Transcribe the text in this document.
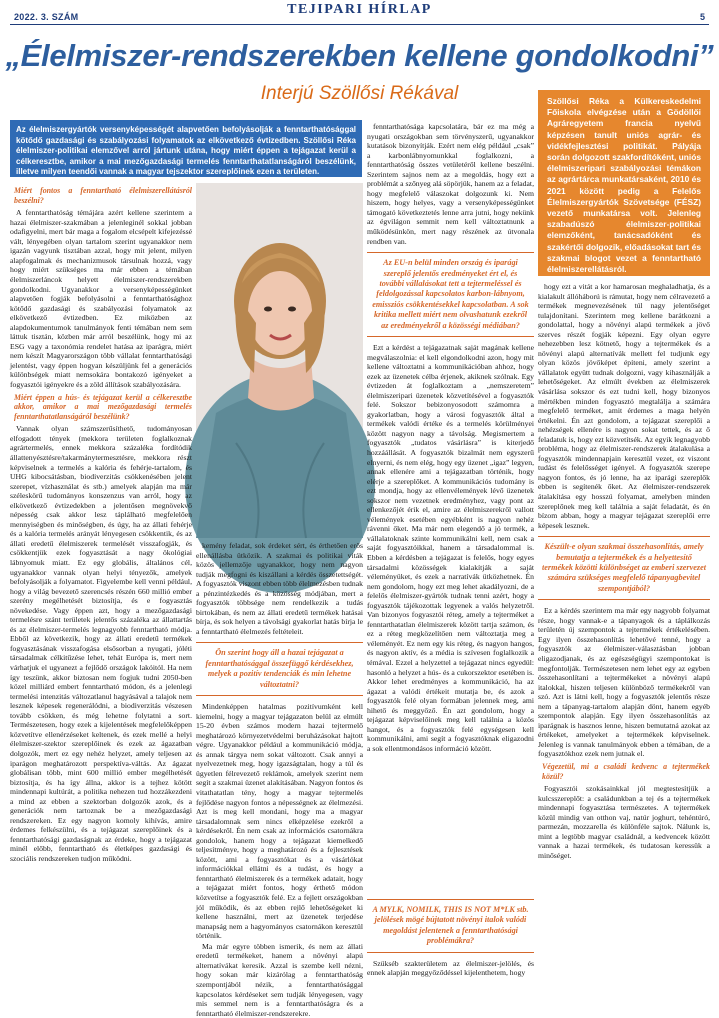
2022. 3. SZÁM	TEJIPARI HÍRLAP	5
„Élelmiszer-rendszerekben kellene gondolkodni”
Interjú Szöllősi Rékával
Az élelmiszergyártók versenyképességét alapvetően befolyásolják a fenntarthatósággal kötődő gazdasági és szabályozási folyamatok az elkövetkező évtizedben. Szöllősi Réka élelmiszer-politikai elemzővel arról jártunk utána, hogy miért éppen a tejágazat kerül a célkeresztbe, amikor a mai mezőgazdasági termelés fenntarthatatlanságáról beszélünk, illetve milyen teendői vannak a magyar tejszektor szereplőinek ezen a területen.
Szöllősi Réka a Külkereskedelmi Főiskola elvégzése után a Gödöllői Agráregyetem francia nyelvű képzésen tanult uniós agrár- és vidékfejlesztési politikát. Pályája során dolgozott szakfordítóként, uniós élelmiszeripari szabályozási témákon az agrártárca munkatársaként, 2010 és 2021 között pedig a Felelős Élelmiszergyártók Szövetsége (FÉSZ) vezető munkatársa volt. Jelenleg szabadúszó élelmiszer-politikai elemzőként, tanácsadóként és szakértői dolgozik, előadásokat tart és szakmai blogot vezet a fenntartható élelmiszerellátásról.
Miért fontos a fenntartható élelmiszerellátásról beszélni?

A fenntarthatóság témájára azért kellene szerintem a hazai élelmiszer-szakmában a jelenleginél sokkal jobban odafigyelni, mert bár maga a fogalom elcsépelt kifejezéssé vált, lényegében olyan tartalom szerint ugyanakkor nem igazán vagyunk tisztában azzal, hogy mit jelent, milyen alapfogalmak és mechanizmusok társulnak hozzá, vagy hogy miért szükséges ma már ebben a témában élelmiszerláncok helyett élelmiszer-rendszerekben gondolkodni. Ugyanakkor a versenyképességünket alapvetően fogják befolyásolni a fenntarthatósághoz kötődő gazdasági és szabályozási folyamatok az elkövetkező évtizedben. Ez miközben az alapdokumentumok tanulmányok fenti témában nem sem láttuk tisztán, közben már arról beszélünk, hogy mi az ESG vagy a taxonómia rendelet hatása az iparágra, miért nem készít Magyarországon több vállalat fenntarthatósági jelentést, vagy éppen hogyan készüljünk fel a generációs különbségek miatt nemsokára bontakozó igényeket a fogyasztói igényekre és a zöld állítások szabályozására.

Miért éppen a hús- és tejágazat kerül a célkeresztbe akkor, amikor a mai mezőgazdasági termelés fenntarthatatlanságáról beszélünk?

Vannak olyan számszerűsíthető, tudományosan elfogadott tények (mekkora területen foglalkoznak agrártermelés, ennek mekkora százaléka fordítódik állattenyésztésre/takarmánytermesztésre, mekkora részt képviselnek a termelés a kalória és fehérje-tartalom, és UHG kibocsátásban, biodiverzitás csökkenésében jelent szerepet, vízhasználat és stb.) amelyek alapján ma már széleskörű tudományos konszenzus van arról, hogy az elkövetkező évtizedekben a jelentősen megnövekvő népesség csak akkor lesz táplálható megfelelően mennyiségben és minőségben, és úgy, ha az állati fehérje és a kalória termelés arányát lényegesen csökkentik, és az állati eredetű élelmiszerek termelését visszafogják, és csökkentjük ezek fogyasztását a nagy ökológiai lábnyomuk miatt. Ez egy globális, általános cél, ugyanakkor vannak olyan helyi tényezők, amelyek befolyásolják a folyamatot. Figyelembe kell venni például, hogy a világ bevezető szerencsés részén 660 millió ember szerény megélhetését biztosítja, és e fogyasztás növekedése. Vagy éppen azt, hogy a mezőgazdasági termelésre szánt területek jelentős százaléka az állattartás és az élelmiszer-termelés legnagyobb fenntartható módja. Ebből az következik, hogy az állati eredetű termékek fogyasztásának visszafogása elsősorban a nyugati, jóléti társadalmak célkitűzése lehet, tehát Európa is, mert nem várhatjuk el ugyanezt a fejlődő országok lakóitól. Ha nem így teszünk, akkor biztosan nem fogjuk tudni 2050-ben közel milliárd embert fenntartható módon, és a jelenlegi termelési intenzitás változatlanul hagyásával a talajok nem lesznek képesek regenerálódni, a biodiverzitás vészesen tovább csökken, és még lehetne folytatni a sort. Természetesen, hogy ezek a kijelentések megfelelőképpen közvetítve ellenérzéseket keltenek, és ezek mellé a helyi élelmiszer-szektor szereplőinek és ezek az ágazatban dolgozók, mert ez egy nehéz helyzet, amely teljesen az iparágon meghatározott perspektíva-váltás. Az ágazat globálisan több, mint 600 millió ember megélhetését biztosítja, és ha így állna, akkor is a tejhez kötött mindennapi kultúrát, a politika nehezen tud hozzákezdeni a mind az ebben a szektorban dolgozók azok, és a generációk nem tartoznak be a mezőgazdasági rendszereken. Ez egy nagyon komoly kihívás, amire érdemes felkészülni, és a tejágazat szereplőinek és a fenntarthatósági gazdaságnak az érdeke, hogy a tejágazat minél előbb, fenntartható és életképes gazdasági és szociális rendszereken tudjon működni.

kemény feladat, sok érdeket sért, és érthetően erős ellenállásba ütközik. A szakmai és politikai viták közös jellemzője ugyanakkor, hogy nem nagyon tudják megfogni és kiszállani a kérdés összetettségét. A fogyasztók viszont ebben több élelmezésben tudnak a pénzintézkedés és a közösség módjában, mert a fogyasztók többsége nem rendelkezik a tudás birtokában, és nem az állati eredetű termékek hatásai bírja, és sok helyen a távolsági gyakorlat hatás bírja le a fenntartható élelmezés feltételeit.

Ön szerint hogy áll a hazai tejágazat a fenntarthatósággal összefüggő kérdésekhez, melyek a pozitív tendenciák és min lehetne változtatni?

Mindenképpen hatalmas pozitívumként kell kiemelni, hogy a magyar tejágazaton belül az elmúlt 15-20 évben számos modern hazai tejtermelő meghatározó környezetvédelmi beruházásokat hajtott végre. Ugyanakkor például a kommunikáció módja, és annak tárgya nem sokat változott. Csak annyi a nyelvezetnek meg, hogy igazságtalan, hogy a túl és ügyetlen félrevezető reklámok, amelyek szerint nem segít a szakmai üzenet alakításában. Nagyon fontos és vitathatatlan tény, hogy a magyar tejtermelés fejlődése nagyon fontos a népességnek az élelmezési. Azt is meg kell mondani, hogy ma a magyar társadalomnak sem nincs elképzelése ezekről a kérdésekről. Én nem csak az információs csatornákra gondolok, hanem hogy a tejágazat kiemelkedő teljesítménye, hogy a meghatározó és a fejlesztések között, ami a fogyasztókat és a vásárlókat információkkal ellátni és a tudást, és hogy a fenntartható élelmiszerek és a termékek adatait, hogy a tejágazat miért fontos, hogy érthető módon közvetítse a fogyasztók felé. Ez a fejlett országokban jól működik, és az ebben rejlő lehetőségeket ki kellene használni, mert az üzenetek terjedése manapság nem a hagyományos csatornákon keresztül történik.

Ma már egyre többen ismerik, és nem az állati eredetű termékeket, hanem a növényi alapú alternatívákat keresik. Azzal is szembe kell nézni, hogy sokan már kizárólag a fenntarthatóság szempontjából nézik, a fenntarthatósággal kapcsolatos kérdéseket sem tudják lényegesen, vagy mis semmel nem is a fenntarthatóságra és a fenntartható élelmiszer-rendszerekre.

fenntarthatósága kapcsolatára, bár ez ma még a nyugati országokban sem törvényszerű, ugyanakkor kutatások bizonyítják. Ezért nem elég például „csak” a karbonlábnyomunkkal foglalkozni, a fenntarthatóság összes vetületéről kellene beszélni. Szerintem sajnos nem az a megoldás, hogy ezt a problémát a szőnyeg alá söpörjük, hanem az a feladat, hogy megfelelő válaszokat dolgozunk ki. Nem hiszem, hogy helyes, vagy a versenyképességünket támogató következtetés lenne arra jutni, hogy nekünk az égvilágon semmit nem kell változtatnunk a működésünkön, mert nagy részének az útvonala rendben van.

Az EU-n belül minden ország és iparági szereplő jelentős eredményeket ért el, és további vállalásokat tett a tejtermeléssel és feldolgozással kapcsolatos karbon-lábnyom, emissziós csökkentésekkel kapcsolatban. A sok kritika mellett miért nem olvashatunk ezekről az eredményekről a közösségi médiában?

Ezt a kérdést a tejágazatnak saját magának kellene megválaszolnia: el kell elgondolkodni azon, hogy mit kellene változtatni a kommunikációban ahhoz, hogy ezek az üzenetek célba érjenek, akiknek szólnak. Egy évtizeden át foglalkoztam a „nemszeretem” élelmiszeripari üzenetek közvetítésével a fogyasztók felé. Sokszor bebizonyosodott számomra a gyakorlatban, hogy a városi fogyasztók által a termékek valódi értéke és a termelés körülményei között nagyon nagy a távolság. Megismertem a fogyasztók „tudatos vásárlásra” is kiterjedő hozzáállását. A fogyasztók bizalmát nem egyszerű elnyerni, és nem elég, hogy egy üzenet „igaz” legyen, annak ellenére ami a tejágazatban történik, hogy elérje a szereplőket. A kommunikációs tudomány is ezt mondja, hogy az ellenvélemények lévő üzenetek sokszor nem vezetnek eredményhez, vagy pont az ellenkezőjét érik el, amire az élelmiszerekről vallott vélemények esetében egyébként is nagyon nehéz rávenni őket. Ma már nem elegendő a jó termék, a vállalatoknak szinte kommunikálni kell, nem csak a saját fogyasztóikkal, hanem a társadalommal is. Ebben a kérdésben a tejágazat is felelős, hogy egyes társadalmi közösségek kialakítják a saját véleményüket, és ezek a narratívák ütközhetnek. Én nem gondolom, hogy ezt meg lehet akadályozni, de a felelős élelmiszer-gyártók tudnak tenni azért, hogy a fogyasztók tájékozottak legyenek a valós helyzetről. Van bizonyos fogyasztói réteg, amely a tejterméket a fenntarthatatlan élelmiszerek között tartja számon, és ez a réteg megközelítően nem változtatja meg a véleményét. Ez nem egy kis réteg, és nagyon hangos, és nagyon aktív, és a média is szívesen foglalkozik a témával. Ezzel a helyzettel a tejágazat nincs egyedül: hasonló a helyzet a hús- és a cukorszektor esetében is. Akkor lehet eredményes a kommunikáció, ha az ágazat a valódi értékeit mutatja be, és azok a fogyasztók felé olyan formában jelennek meg, ami hihető és meggyőző. Én azt gondolom, hogy a tejágazat képviselőinek meg kell találnia a közös hangot, és a fogyasztók felé egységesen kell kommunikálni, ami segít a fogyasztóknak eligazodni a sok ellentmondásos információ között.

A MYLK, NOMILK, THIS IS NOT M*LK stb. jelölések mögé bújtatott növényi italok valódi megoldást jelentenek a fenntarthatósági problémákra?

Szükséb szakterületem az élelmiszer-jelölés, és ennek alapján meggyőződéssel kijelenthetem, hogy

hogy ezt a vitát a kor hamarosan meghaladhatja, és a kialakult állóháború is rámutat, hogy nem célravezető a termékek megnevezésének túl nagy jelentőséget tulajdonítani. Szerintem meg kellene barátkozni a gondolattal, hogy a növényi alapú termékek a jövő szerves részét fogják képezni. Egy olyan egyre nehezebben lesz kötnető, hogy a tejtermékek és a növényi alapú alternatívák mellett fel tudjunk egy olyan közös jövőképet építeni, amely szerint a vállalatok együtt tudnak dolgozni, vagy kihasználják a lehetőségeket. Az elmúlt években az élelmiszerek vásárlása sokszor és ezt tudni kell, hogy bizonyos mértékben minden fogyasztó megtalálja a számára megfelelő terméket, amit érdemes a maga helyén értékelni. Én azt gondolom, a tejágazat szereplői a nehézségek ellenére is nagyon sokat tettek, és az ő feladatuk is, hogy ezt közvetítsék. Az egyik legnagyobb probléma, hogy az élelmiszer-rendszerek átalakulása a fogyasztók mindennapjain keresztül vezet, ez viszont tudást és felelősséget igényel. A fogyasztók szerepe nagyon fontos, és jó lenne, ha az iparági szereplők ebben is segítenék őket. Az élelmiszer-rendszerek átalakítása egy hosszú folyamat, amelyben minden szereplőnek meg kell találnia a saját feladatát, és én bízom abban, hogy a magyar tejágazat szereplői erre képesek lesznek.

Készült-e olyan szakmai összehasonlítás, amely bemutatja a tejtermékek és a helyettesítő termékek közötti különbséget az emberi szervezet számára szükséges megfelelő tápanyagbevitel szempontjából?

Ez a kérdés szerintem ma már egy nagyobb folyamat része, hogy vannak-e a tápanyagok és a táplálkozás területén új szempontok a tejtermékek értékelésében. Egy ilyen összehasonlítás lehetővé tenné, hogy a fogyasztók az élelmiszer-választásban jobban eligazodjanak, és az egészségügyi szempontokat is megfontolják. Természetesen nem lehet egy az egyben összehasonlítani a tejtermékeket a növényi alapú italokkal, hiszen teljesen különböző termékekről van szó. Azt is látni kell, hogy a fogyasztók jelentős része nem a tápanyag-tartalom alapján dönt, hanem egyéb szempontok alapján. Egy ilyen összehasonlítás az iparágnak is hasznos lenne, hiszen bemutatná azokat az értékeket, amelyeket a tejtermékek képviselnek. Jelenleg is vannak tanulmányok ebben a témában, de a fogyasztókhoz ezek nem jutnak el.

Végezetül, mi a családi kedvenc a tejtermékek közül?

Fogyasztói szokásainkkal jól megtestesítjük a kulcsszereplőt: a családunkban a tej és a tejtermékek mindennapi fogyasztása természetes. A tejtermékek közül mindig van otthon vaj, natúr joghurt, tehéntúró, parmezán, mozzarella és különféle sajtok. Nálunk is, mint a legtöbb magyar családnál, a kedvencek között vannak a hazai termékek, és tudatosan keressük a minőséget.
